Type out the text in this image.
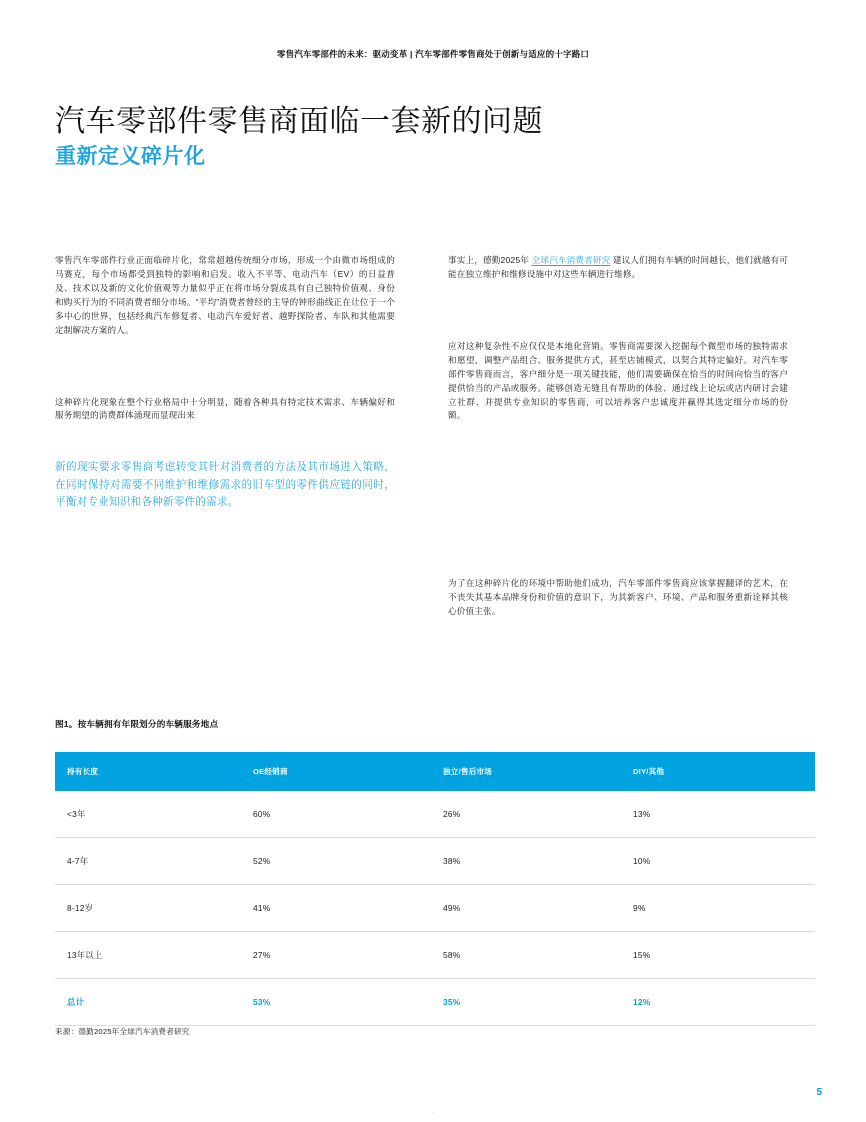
零售汽车零部件的未来：驱动变革 | 汽车零部件零售商处于创新与适应的十字路口
汽车零部件零售商面临一套新的问题
重新定义碎片化

零售汽车零部件行业正面临碎片化，常常超越传统细分市场，形成一个由微市场组成的马赛克，每个市场都受到独特的影响和启发。收入不平等、电动汽车（EV）的日益普及、技术以及新的文化价值观等力量似乎正在将市场分裂成具有自己独特价值观、身份和购买行为的不同消费者细分市场。“平均”消费者曾经的主导的钟形曲线正在让位于一个多中心的世界，包括经典汽车修复者、电动汽车爱好者、越野探险者、车队和其他需要定制解决方案的人。

这种碎片化现象在整个行业格局中十分明显，随着各种具有特定技术需求、车辆偏好和服务期望的消费群体涌现而显现出来

新的现实要求零售商考虑转变其针对消费者的方法及其市场进入策略，在同时保持对需要不同维护和维修需求的旧车型的零件供应链的同时，平衡对专业知识和各种新零件的需求。

事实上，德勤2025年 全球汽车消费者研究 建议人们拥有车辆的时间越长，他们就越有可能在独立维护和维修设施中对这些车辆进行维修。

应对这种复杂性不应仅仅是本地化营销。零售商需要深入挖掘每个微型市场的独特需求和愿望，调整产品组合、服务提供方式，甚至店铺模式，以契合其特定偏好。对汽车零部件零售商而言，客户细分是一项关键技能，他们需要确保在恰当的时间向恰当的客户提供恰当的产品或服务。能够创造无缝且有帮助的体验、通过线上论坛或店内研讨会建立社群、并提供专业知识的零售商，可以培养客户忠诚度并赢得其选定细分市场的份额。

为了在这种碎片化的环境中帮助他们成功，汽车零部件零售商应该掌握翻译的艺术，在不丧失其基本品牌身份和价值的意识下，为其新客户、环境、产品和服务重新诠释其核心价值主张。

图1。按车辆拥有年限划分的车辆服务地点
持有长度	OE经销商	独立/售后市场	DIY/其他
<3年	60%	26%	13%
4-7年	52%	38%	10%
8-12岁	41%	49%	9%
13年以上	27%	58%	15%
总计	53%	35%	12%
来源：德勤2025年全球汽车消费者研究
5
·
